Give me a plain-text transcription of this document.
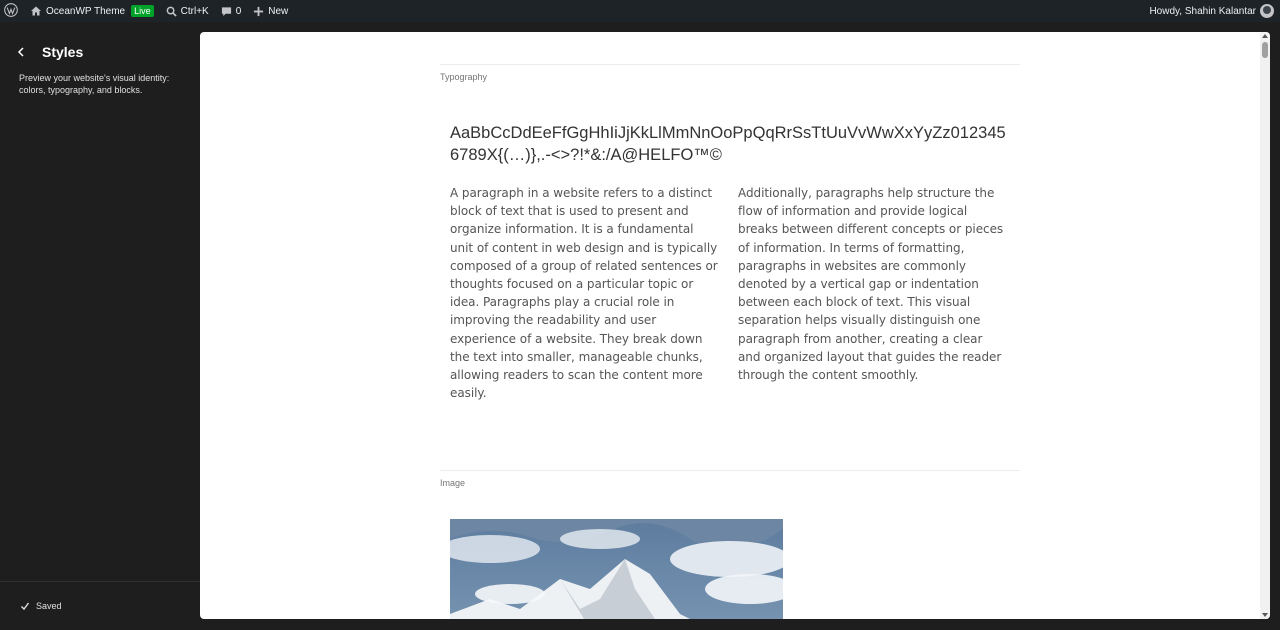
OceanWP Theme	Live	Ctrl+K	0	New	Howdy, Shahin Kalantar
Styles

Preview your website's visual identity: colors, typography, and blocks.

Saved
Typography
AaBbCcDdEeFfGgHhIiJjKkLlMmNnOoPpQqRrSsTtUuVvWwXxYyZz0123456789X{(…)},.-<>?!*&:/A@HELFO™©

A paragraph in a website refers to a distinct block of text that is used to present and organize information. It is a fundamental unit of content in web design and is typically composed of a group of related sentences or thoughts focused on a particular topic or idea. Paragraphs play a crucial role in improving the readability and user experience of a website. They break down the text into smaller, manageable chunks, allowing readers to scan the content more easily.

Additionally, paragraphs help structure the flow of information and provide logical breaks between different concepts or pieces of information. In terms of formatting, paragraphs in websites are commonly denoted by a vertical gap or indentation between each block of text. This visual separation helps visually distinguish one paragraph from another, creating a clear and organized layout that guides the reader through the content smoothly.

Image
